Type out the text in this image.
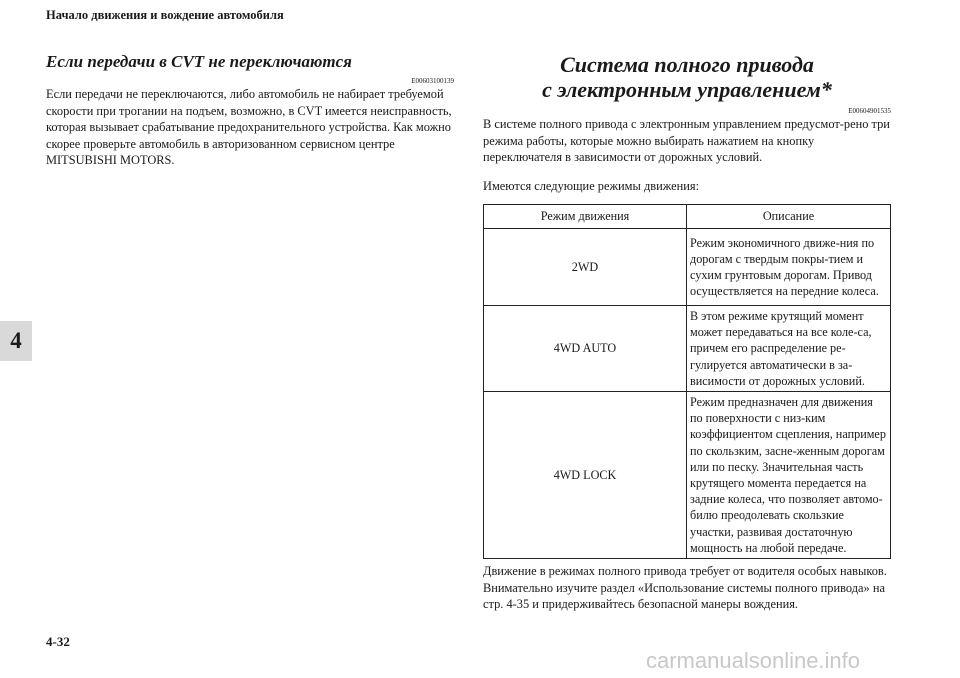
Начало движения и вождение автомобиля
4
Если передачи в CVT не переключаются
E00603100139

Если передачи не переключаются, либо автомобиль не набирает требуемой скорости при трогании на подъем, возможно, в CVT имеется неисправность, которая вызывает срабатывание предохранительного устройства. Как можно скорее проверьте автомобиль в авторизованном сервисном центре MITSUBISHI MOTORS.

Система полного привода
с электронным управлением*
E00604901535

В системе полного привода с электронным управлением предусмот-рено три режима работы, которые можно выбирать нажатием на кнопку переключателя в зависимости от дорожных условий.

Имеются следующие режимы движения:

Режим движения	Описание
2WD	Режим экономичного движе-ния по дорогам с твердым покры-тием и сухим грунтовым дорогам. Привод осуществляется на передние колеса.
4WD AUTO	В этом режиме крутящий момент может передаваться на все коле-са, причем его распределение ре-гулируется автоматически в за-висимости от дорожных условий.
4WD LOCK	Режим предназначен для движения по поверхности с низ-ким коэффициентом сцепления, например по скользким, засне-женным дорогам или по песку. Значительная часть крутящего момента передается на задние колеса, что позволяет автомо-билю преодолевать скользкие участки, развивая достаточную мощность на любой передаче.

Движение в режимах полного привода требует от водителя особых навыков.

Внимательно изучите раздел «Использование системы полного привода» на стр. 4-35 и придерживайтесь безопасной манеры вождения.

4-32
carmanualsonline.info
